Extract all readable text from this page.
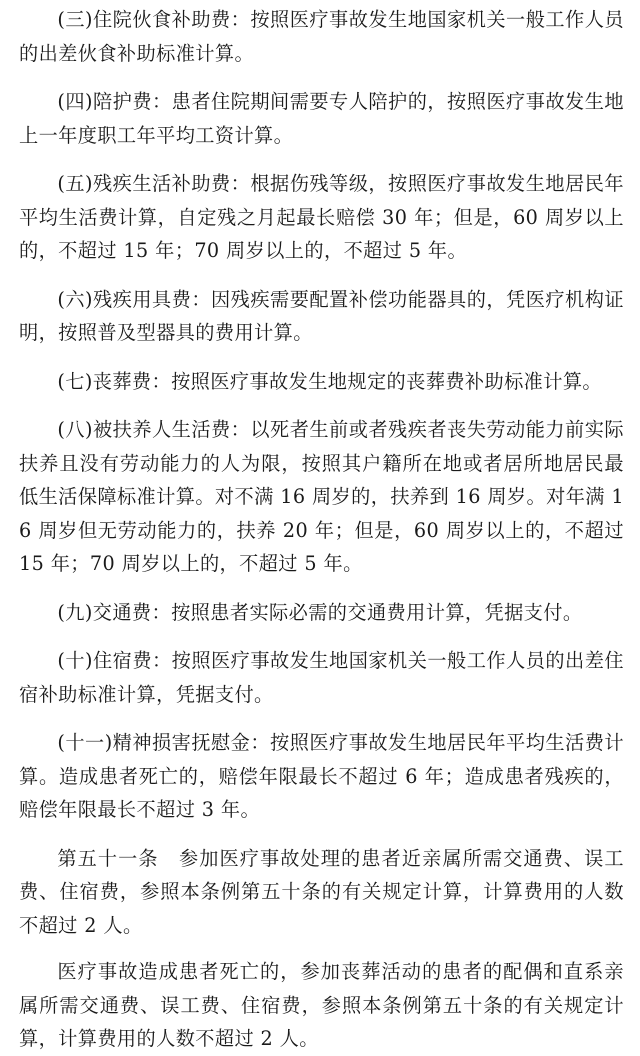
(三)住院伙食补助费：按照医疗事故发生地国家机关一般工作人员的出差伙食补助标准计算。

(四)陪护费：患者住院期间需要专人陪护的，按照医疗事故发生地上一年度职工年平均工资计算。

(五)残疾生活补助费：根据伤残等级，按照医疗事故发生地居民年平均生活费计算，自定残之月起最长赔偿 30 年；但是，60 周岁以上的，不超过 15 年；70 周岁以上的，不超过 5 年。

(六)残疾用具费：因残疾需要配置补偿功能器具的，凭医疗机构证明，按照普及型器具的费用计算。

(七)丧葬费：按照医疗事故发生地规定的丧葬费补助标准计算。

(八)被扶养人生活费：以死者生前或者残疾者丧失劳动能力前实际扶养且没有劳动能力的人为限，按照其户籍所在地或者居所地居民最低生活保障标准计算。对不满 16 周岁的，扶养到 16 周岁。对年满 16 周岁但无劳动能力的，扶养 20 年；但是，60 周岁以上的，不超过 15 年；70 周岁以上的，不超过 5 年。

(九)交通费：按照患者实际必需的交通费用计算，凭据支付。

(十)住宿费：按照医疗事故发生地国家机关一般工作人员的出差住宿补助标准计算，凭据支付。

(十一)精神损害抚慰金：按照医疗事故发生地居民年平均生活费计算。造成患者死亡的，赔偿年限最长不超过 6 年；造成患者残疾的，赔偿年限最长不超过 3 年。

第五十一条　参加医疗事故处理的患者近亲属所需交通费、误工费、住宿费，参照本条例第五十条的有关规定计算，计算费用的人数不超过 2 人。

医疗事故造成患者死亡的，参加丧葬活动的患者的配偶和直系亲属所需交通费、误工费、住宿费，参照本条例第五十条的有关规定计算，计算费用的人数不超过 2 人。
